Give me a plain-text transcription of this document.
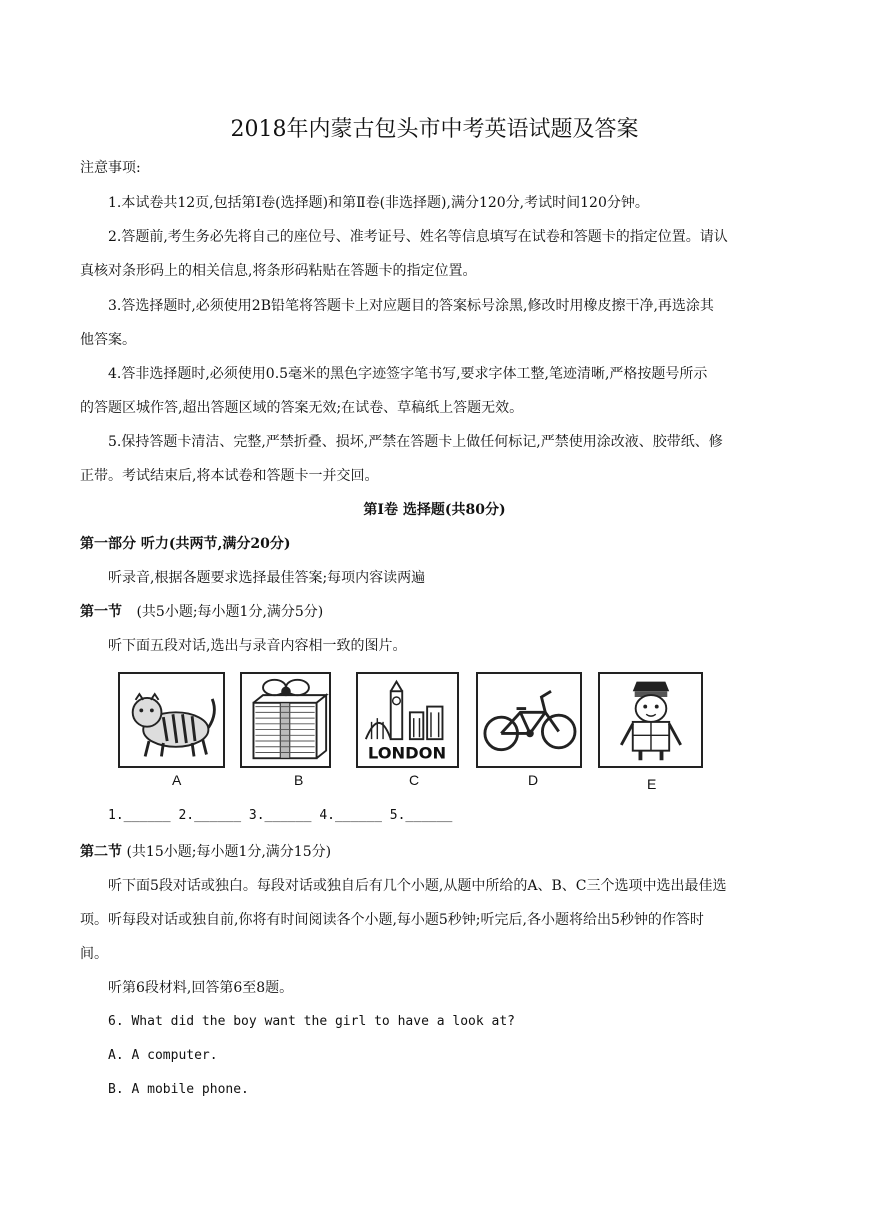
2018年内蒙古包头市中考英语试题及答案
注意事项:
1.本试卷共12页,包括第Ⅰ卷(选择题)和第Ⅱ卷(非选择题),满分120分,考试时间120分钟。
2.答题前,考生务必先将自己的座位号、准考证号、姓名等信息填写在试卷和答题卡的指定位置。请认
真核对条形码上的相关信息,将条形码粘贴在答题卡的指定位置。
3.答选择题时,必须使用2B铅笔将答题卡上对应题目的答案标号涂黑,修改时用橡皮擦干净,再选涂其
他答案。
4.答非选择题时,必须使用0.5毫米的黑色字迹签字笔书写,要求字体工整,笔迹清晰,严格按题号所示
的答题区城作答,超出答题区域的答案无效;在试卷、草稿纸上答题无效。
5.保持答题卡清洁、完整,严禁折叠、损坏,严禁在答题卡上做任何标记,严禁使用涂改液、胶带纸、修
正带。考试结束后,将本试卷和答题卡一并交回。
第Ⅰ卷 选择题(共80分)
第一部分 听力(共两节,满分20分)
听录音,根据各题要求选择最佳答案;每项内容读两遍
第一节 (共5小题;每小题1分,满分5分)
听下面五段对话,选出与录音内容相一致的图片。
LONDON
A	B	C	D	E
1.______ 2.______ 3.______ 4.______ 5.______
第二节 (共15小题;每小题1分,满分15分)
听下面5段对话或独白。每段对话或独自后有几个小题,从题中所给的A、B、C三个选项中选出最佳选
项。听每段对话或独自前,你将有时间阅读各个小题,每小题5秒钟;听完后,各小题将给出5秒钟的作答时
间。
听第6段材料,回答第6至8题。
6. What did the boy want the girl to have a look at?
A. A computer.
B. A mobile phone.
